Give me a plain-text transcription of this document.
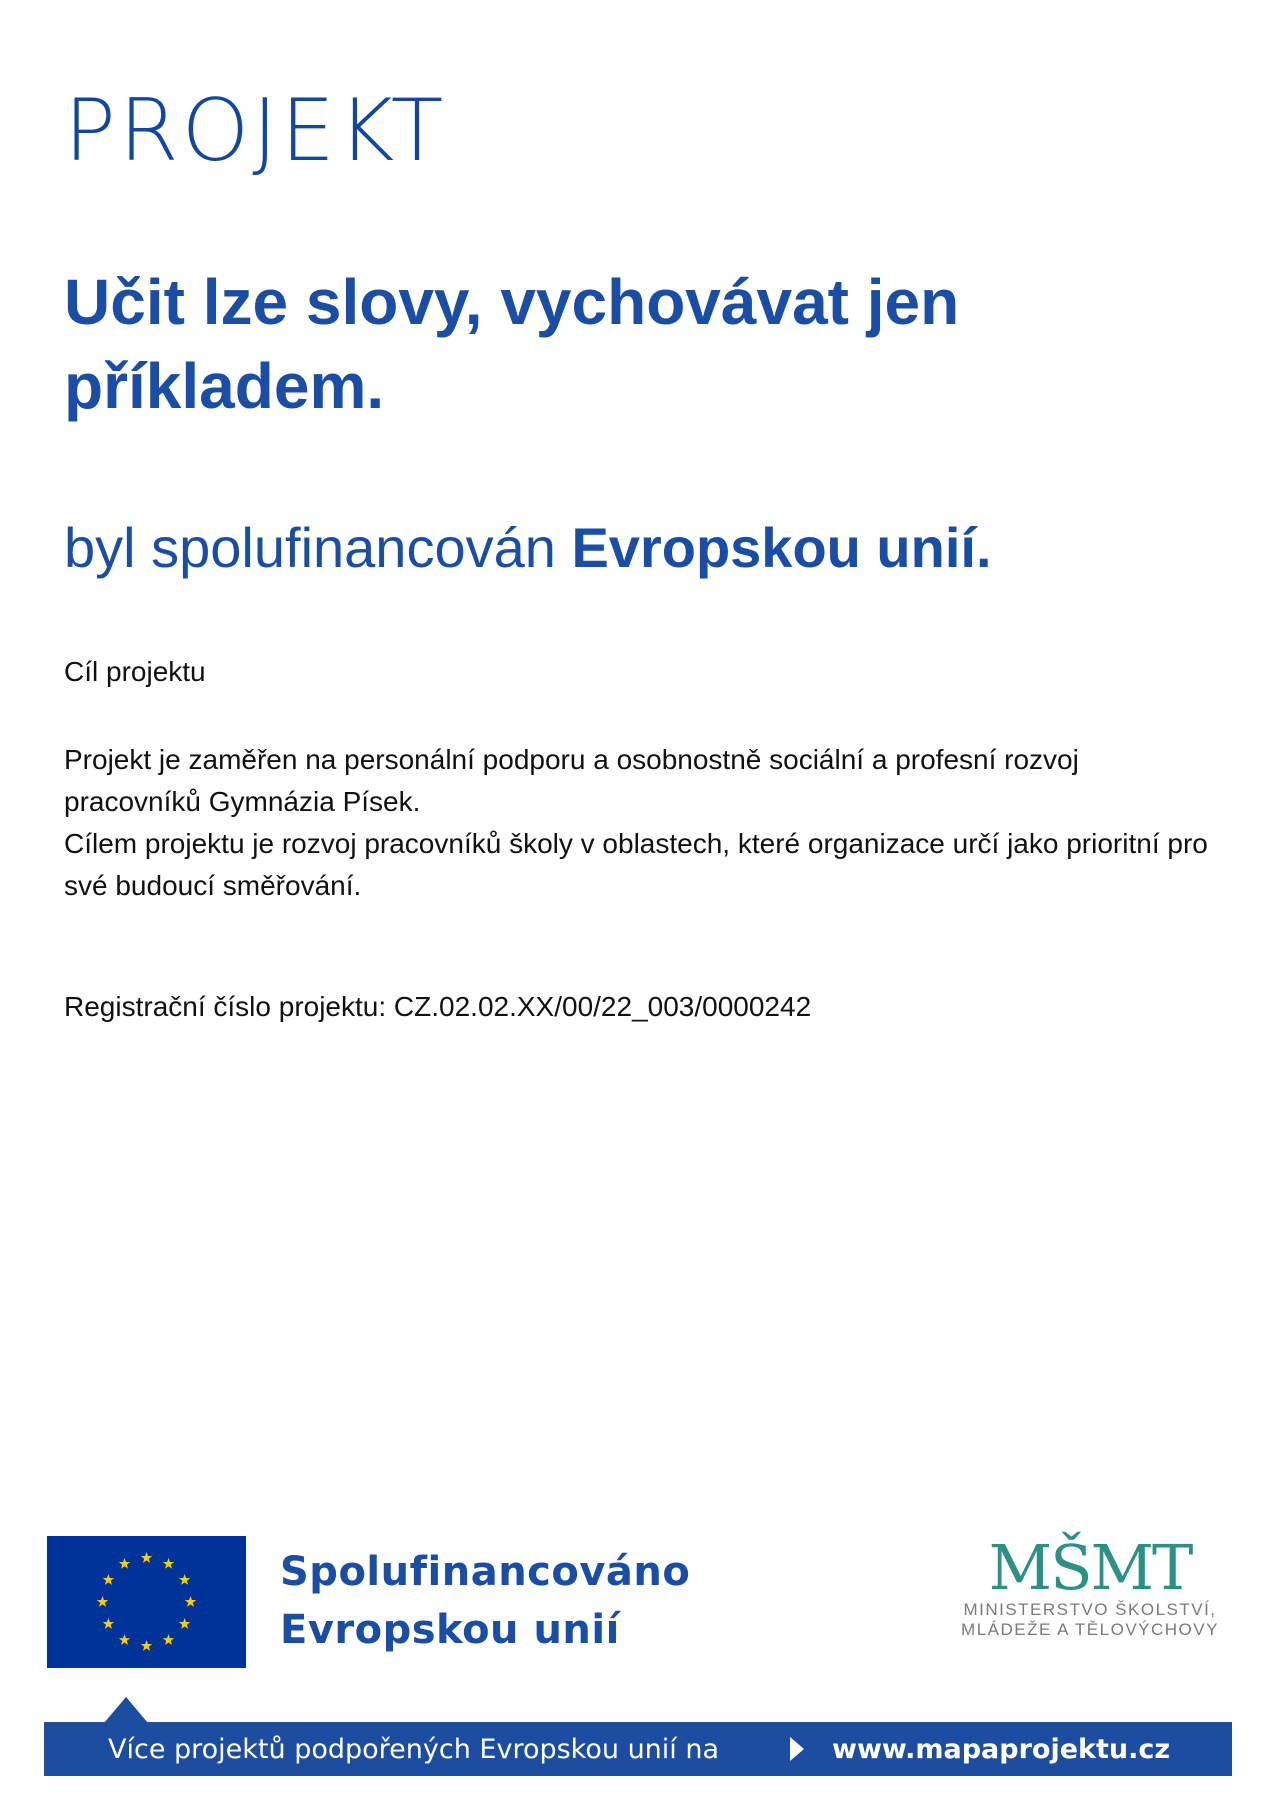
PROJEKT
Učit lze slovy, vychovávat jen příkladem.

byl spolufinancován Evropskou unií.

Cíl projektu

Projekt je zaměřen na personální podporu a osobnostně sociální a profesní rozvoj pracovníků Gymnázia Písek.
Cílem projektu je rozvoj pracovníků školy v oblastech, které organizace určí jako prioritní pro své budoucí směřování.

Registrační číslo projektu: CZ.02.02.XX/00/22_003/0000242

Spolufinancováno
Evropskou unií
MŠMT
MINISTERSTVO ŠKOLSTVÍ,
MLÁDEŽE A TĚLOVÝCHOVY
Více projektů podpořených Evropskou unií na	www.mapaprojektu.cz
